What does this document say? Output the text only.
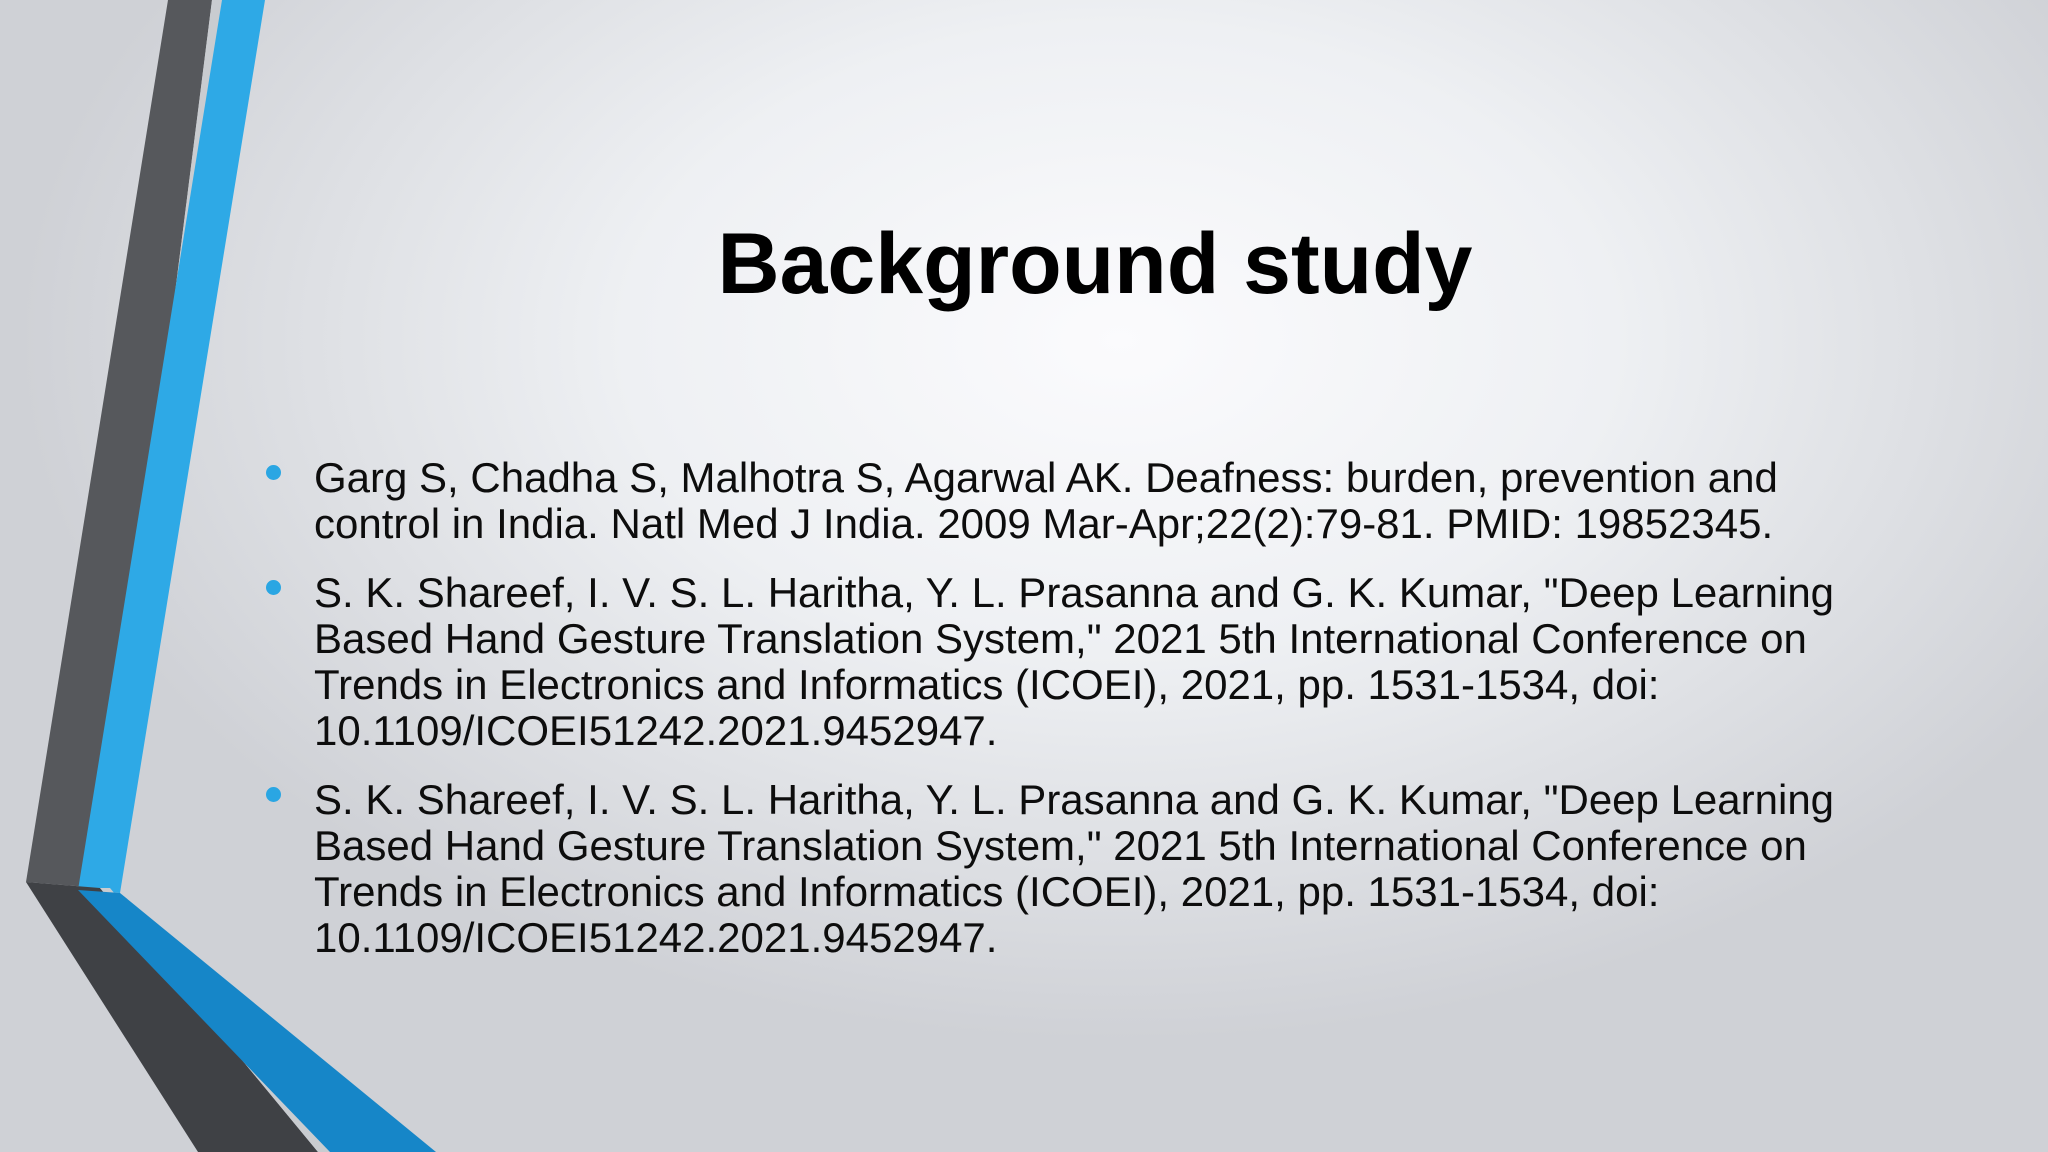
Background study
Garg S, Chadha S, Malhotra S, Agarwal AK. Deafness: burden, prevention and
control in India. Natl Med J India. 2009 Mar-Apr;22(2):79-81. PMID: 19852345.
S. K. Shareef, I. V. S. L. Haritha, Y. L. Prasanna and G. K. Kumar, "Deep Learning
Based Hand Gesture Translation System," 2021 5th International Conference on
Trends in Electronics and Informatics (ICOEI), 2021, pp. 1531-1534, doi:
10.1109/ICOEI51242.2021.9452947.
S. K. Shareef, I. V. S. L. Haritha, Y. L. Prasanna and G. K. Kumar, "Deep Learning
Based Hand Gesture Translation System," 2021 5th International Conference on
Trends in Electronics and Informatics (ICOEI), 2021, pp. 1531-1534, doi:
10.1109/ICOEI51242.2021.9452947.
